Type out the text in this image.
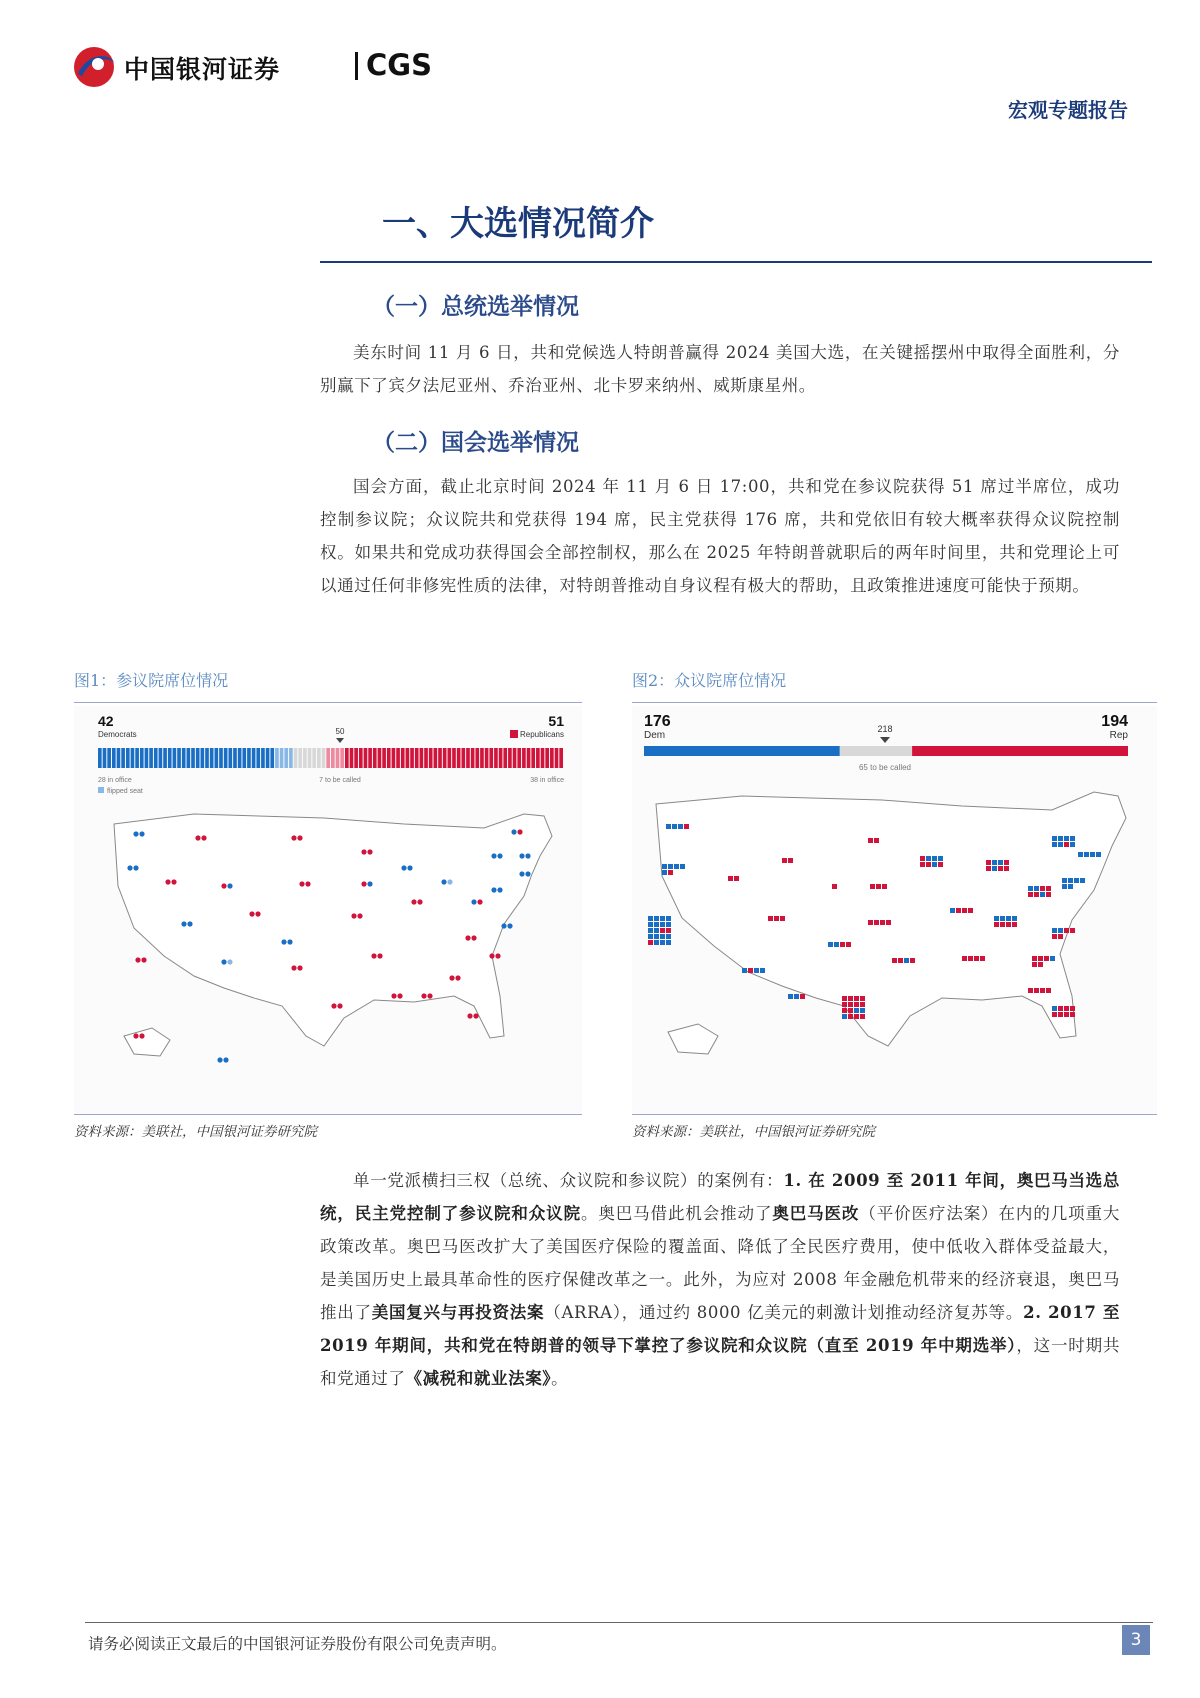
中国银河证券	CGS
宏观专题报告
一、大选情况简介
（一）总统选举情况
美东时间 11 月 6 日，共和党候选人特朗普赢得 2024 美国大选，在关键摇摆州中取得全面胜利，分别赢下了宾夕法尼亚州、乔治亚州、北卡罗来纳州、威斯康星州。
（二）国会选举情况
国会方面，截止北京时间 2024 年 11 月 6 日 17:00，共和党在参议院获得 51 席过半席位，成功控制参议院；众议院共和党获得 194 席，民主党获得 176 席，共和党依旧有较大概率获得众议院控制权。如果共和党成功获得国会全部控制权，那么在 2025 年特朗普就职后的两年时间里，共和党理论上可以通过任何非修宪性质的法律，对特朗普推动自身议程有极大的帮助，且政策推进速度可能快于预期。
图1：参议院席位情况
42
Democrats
51
Republicans
50
28 in office
flipped seat
7 to be called	38 in office
资料来源：美联社，中国银河证券研究院
图2：众议院席位情况
176
Dem
194
Rep
218
65 to be called
资料来源：美联社，中国银河证券研究院
单一党派横扫三权（总统、众议院和参议院）的案例有：1. 在 2009 至 2011 年间，奥巴马当选总统，民主党控制了参议院和众议院。奥巴马借此机会推动了奥巴马医改（平价医疗法案）在内的几项重大政策改革。奥巴马医改扩大了美国医疗保险的覆盖面、降低了全民医疗费用，使中低收入群体受益最大，是美国历史上最具革命性的医疗保健改革之一。此外，为应对 2008 年金融危机带来的经济衰退，奥巴马推出了美国复兴与再投资法案（ARRA），通过约 8000 亿美元的刺激计划推动经济复苏等。2. 2017 至 2019 年期间，共和党在特朗普的领导下掌控了参议院和众议院（直至 2019 年中期选举），这一时期共和党通过了《减税和就业法案》。
请务必阅读正文最后的中国银河证券股份有限公司免责声明。	3
